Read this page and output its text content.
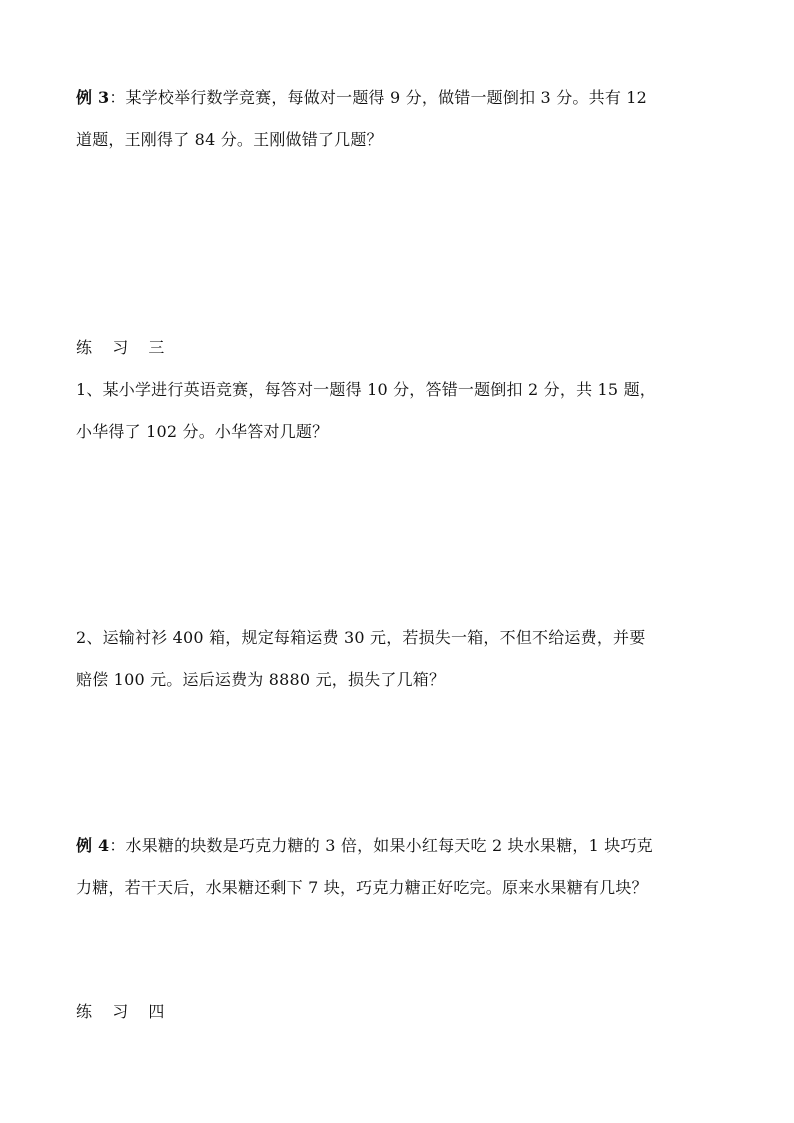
例 3：某学校举行数学竞赛，每做对一题得 9 分，做错一题倒扣 3 分。共有 12
道题，王刚得了 84 分。王刚做错了几题？
练 习 三
1、某小学进行英语竞赛，每答对一题得 10 分，答错一题倒扣 2 分，共 15 题，
小华得了 102 分。小华答对几题？
2、运输衬衫 400 箱，规定每箱运费 30 元，若损失一箱，不但不给运费，并要
赔偿 100 元。运后运费为 8880 元，损失了几箱？
例 4：水果糖的块数是巧克力糖的 3 倍，如果小红每天吃 2 块水果糖，1 块巧克
力糖，若干天后，水果糖还剩下 7 块，巧克力糖正好吃完。原来水果糖有几块？
练 习 四
